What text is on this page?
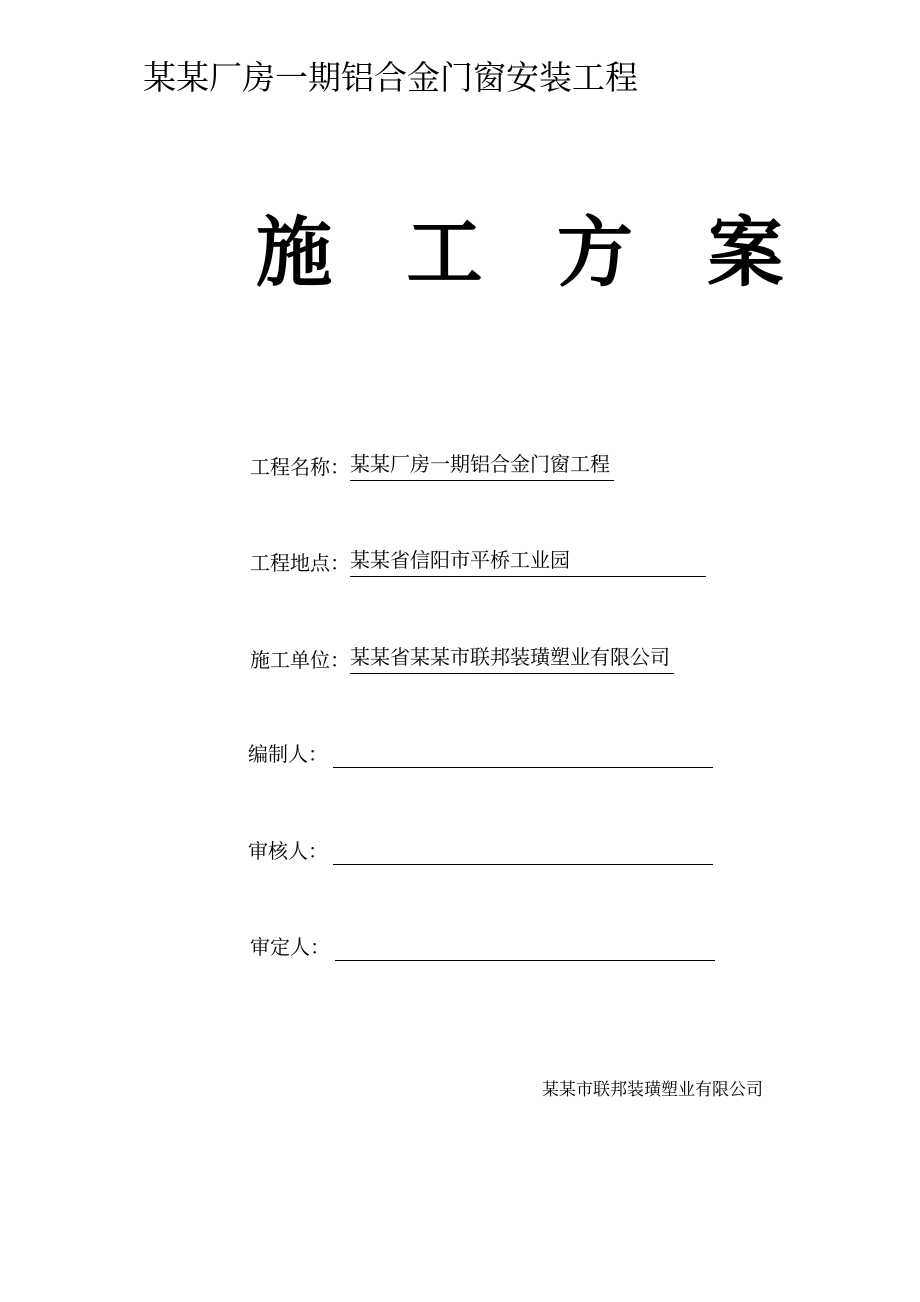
某某厂房一期铝合金门窗安装工程
施 工 方 案
工程名称：某某厂房一期铝合金门窗工程
工程地点：某某省信阳市平桥工业园
施工单位：某某省某某市联邦装璜塑业有限公司
编制人：
审核人：
审定人：
某某市联邦装璜塑业有限公司
